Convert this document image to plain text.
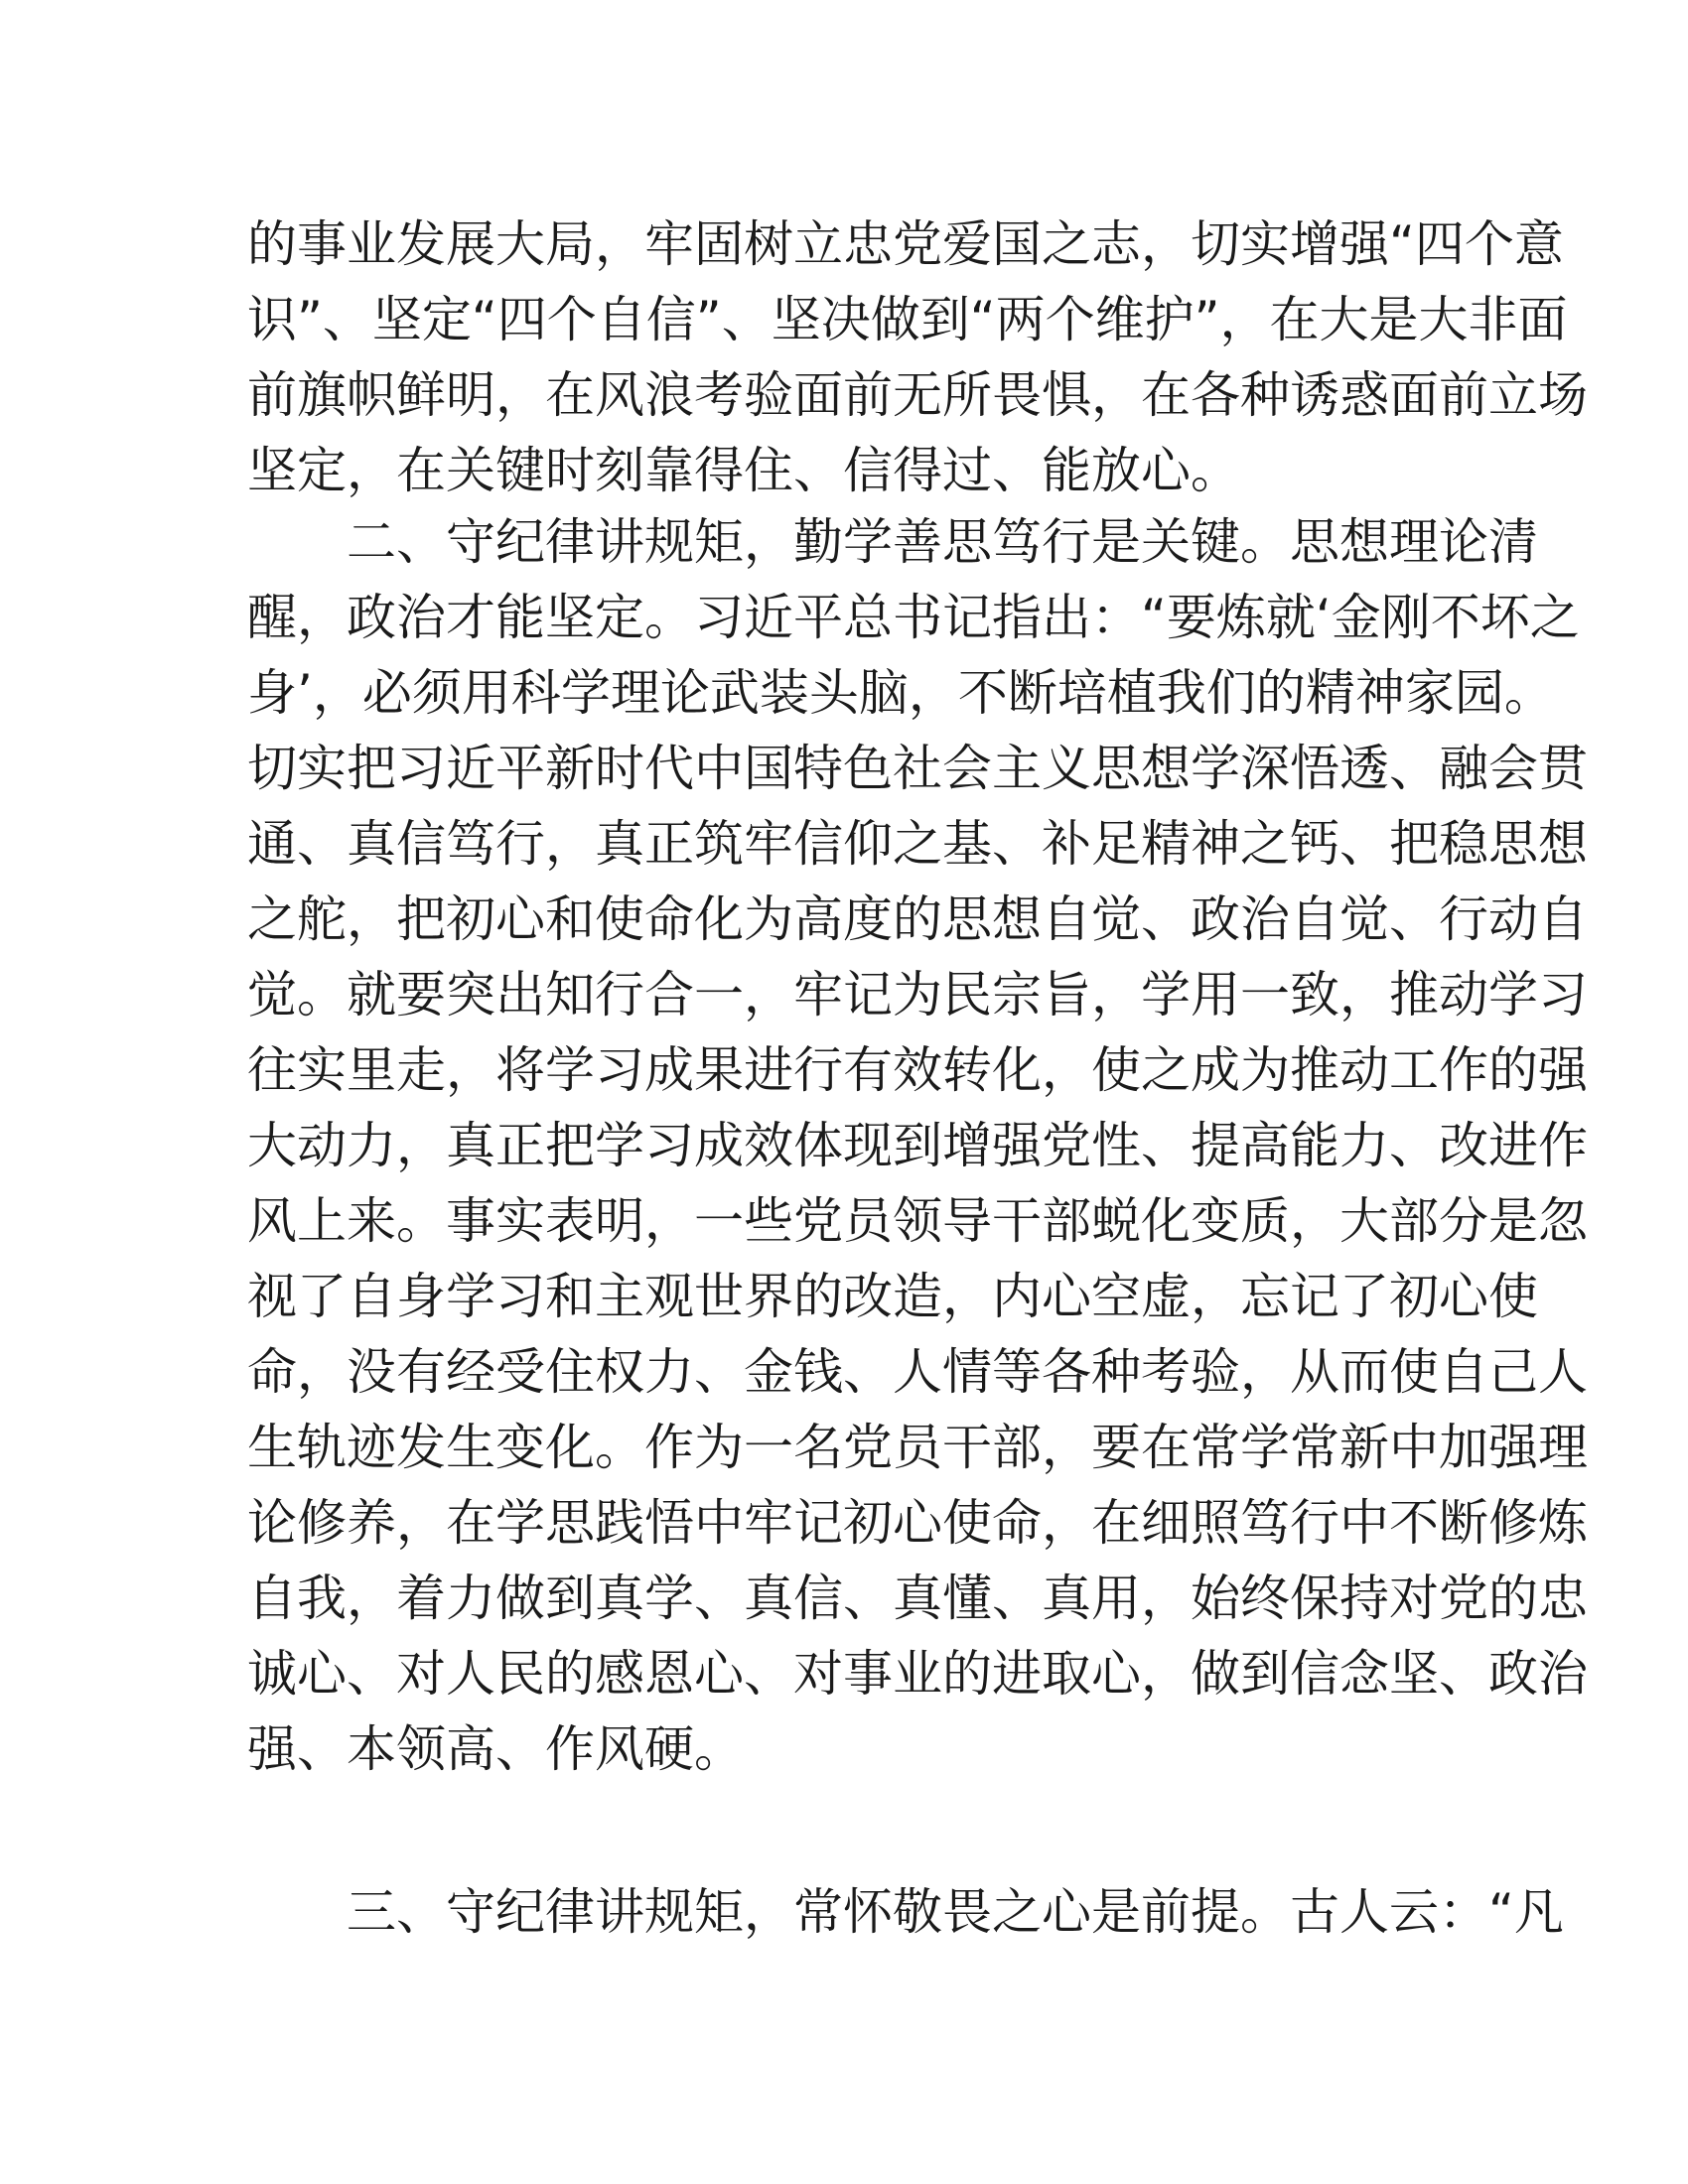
的事业发展大局，牢固树立忠党爱国之志，切实增强“四个意
识”、坚定“四个自信”、坚决做到“两个维护”，在大是大非面
前旗帜鲜明，在风浪考验面前无所畏惧，在各种诱惑面前立场
坚定，在关键时刻靠得住、信得过、能放心。
二、守纪律讲规矩，勤学善思笃行是关键。思想理论清
醒，政治才能坚定。习近平总书记指出：“要炼就‘金刚不坏之
身’，必须用科学理论武装头脑，不断培植我们的精神家园。
切实把习近平新时代中国特色社会主义思想学深悟透、融会贯
通、真信笃行，真正筑牢信仰之基、补足精神之钙、把稳思想
之舵，把初心和使命化为高度的思想自觉、政治自觉、行动自
觉。就要突出知行合一，牢记为民宗旨，学用一致，推动学习
往实里走，将学习成果进行有效转化，使之成为推动工作的强
大动力，真正把学习成效体现到增强党性、提高能力、改进作
风上来。事实表明，一些党员领导干部蜕化变质，大部分是忽
视了自身学习和主观世界的改造，内心空虚，忘记了初心使
命，没有经受住权力、金钱、人情等各种考验，从而使自己人
生轨迹发生变化。作为一名党员干部，要在常学常新中加强理
论修养，在学思践悟中牢记初心使命，在细照笃行中不断修炼
自我，着力做到真学、真信、真懂、真用，始终保持对党的忠
诚心、对人民的感恩心、对事业的进取心，做到信念坚、政治
强、本领高、作风硬。
三、守纪律讲规矩，常怀敬畏之心是前提。古人云：“凡
